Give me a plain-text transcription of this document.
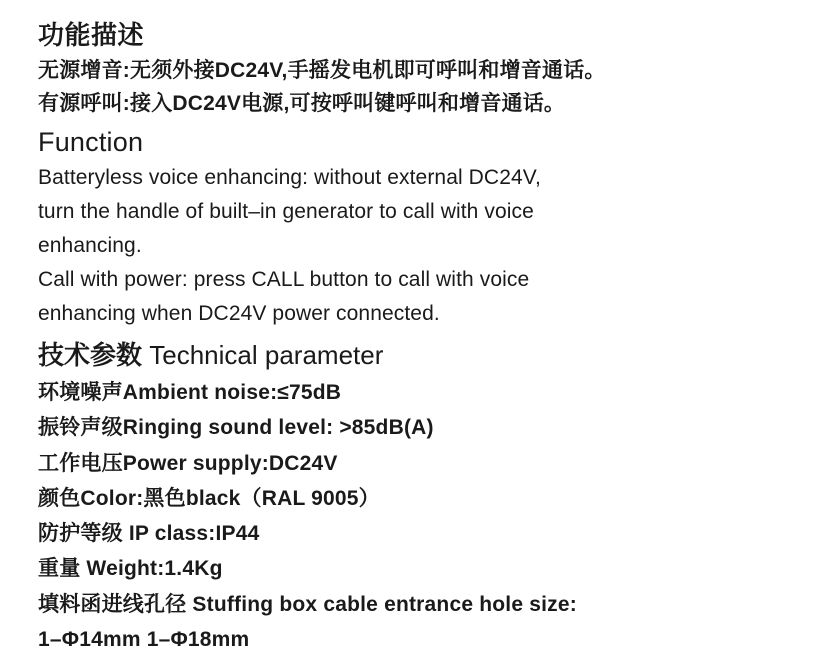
功能描述

无源增音:无须外接DC24V,手摇发电机即可呼叫和增音通话。

有源呼叫:接入DC24V电源,可按呼叫键呼叫和增音通话。

Function

Batteryless voice enhancing: without external DC24V,

turn the handle of built–in generator to call with voice

enhancing.

Call with power: press CALL button to call with voice

enhancing when DC24V power connected.

技术参数 Technical parameter

环境噪声Ambient noise:≤75dB

振铃声级Ringing sound level: >85dB(A)

工作电压Power supply:DC24V

颜色Color:黑色black（RAL 9005）

防护等级 IP class:IP44

重量 Weight:1.4Kg

填料函进线孔径 Stuffing box cable entrance hole size:

1–Φ14mm 1–Φ18mm
